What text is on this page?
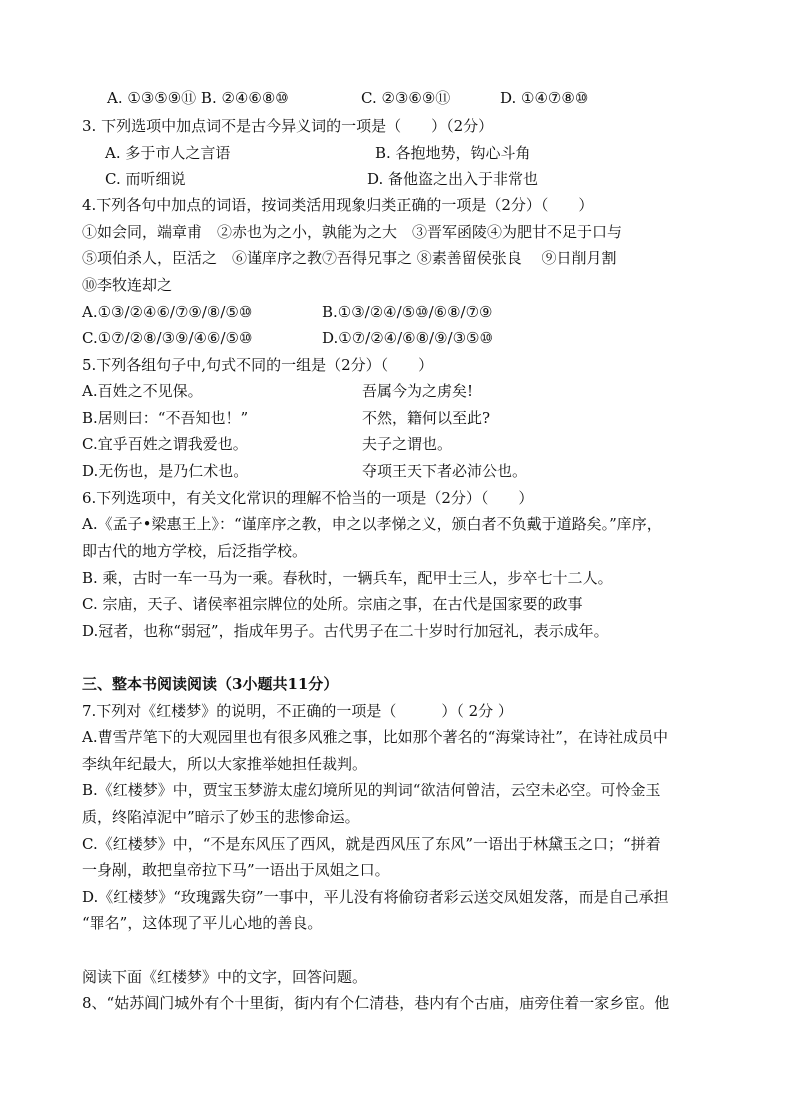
A. ①③⑤⑨⑪ B. ②④⑥⑧⑩	C. ②③⑥⑨⑪	D. ①④⑦⑧⑩
3. 下列选项中加点词不是古今异义词的一项是（　　）（2分）
A. 多于市人之言语	B. 各抱地势，钩心斗角
C. 而听细说	D. 备他盗之出入于非常也
4.下列各句中加点的词语，按词类活用现象归类正确的一项是（2分）（　　）
①如会同，端章甫　②赤也为之小，孰能为之大　③晋军函陵④为肥甘不足于口与
⑤项伯杀人，臣活之　⑥谨庠序之教⑦吾得兄事之 ⑧素善留侯张良　 ⑨日削月割
⑩李牧连却之
A.①③/②④⑥/⑦⑨/⑧/⑤⑩	B.①③/②④/⑤⑩/⑥⑧/⑦⑨
C.①⑦/②⑧/③⑨/④⑥/⑤⑩	D.①⑦/②④/⑥⑧/⑨/③⑤⑩
5.下列各组句子中,句式不同的一组是（2分）（　　）
A.百姓之不见保。	吾属今为之虏矣!
B.居则曰：“不吾知也！”	不然，籍何以至此?
C.宜乎百姓之谓我爱也。	夫子之谓也。
D.无伤也，是乃仁术也。	夺项王天下者必沛公也。
6.下列选项中，有关文化常识的理解不恰当的一项是（2分）（　　）
A.《孟子•梁惠王上》：“谨庠序之教，申之以孝悌之义，颁白者不负戴于道路矣。”庠序，
即古代的地方学校，后泛指学校。
B. 乘，古时一车一马为一乘。春秋时，一辆兵车，配甲士三人，步卒七十二人。
C. 宗庙，天子、诸侯率祖宗牌位的处所。宗庙之事，在古代是国家要的政事
D.冠者，也称“弱冠”，指成年男子。古代男子在二十岁时行加冠礼，表示成年。
三、整本书阅读阅读（3小题共11分）
7.下列对《红楼梦》的说明，不正确的一项是（　　　）（ 2分 ）
A.曹雪芹笔下的大观园里也有很多风雅之事，比如那个著名的“海棠诗社”，在诗社成员中
李纨年纪最大，所以大家推举她担任裁判。
B.《红楼梦》中，贾宝玉梦游太虚幻境所见的判词“欲洁何曾洁，云空未必空。可怜金玉
质，终陷淖泥中”暗示了妙玉的悲惨命运。
C.《红楼梦》中，“不是东风压了西风，就是西风压了东风”一语出于林黛玉之口；“拼着
一身剐，敢把皇帝拉下马”一语出于凤姐之口。
D.《红楼梦》“玫瑰露失窃”一事中，平儿没有将偷窃者彩云送交凤姐发落，而是自己承担
“罪名”，这体现了平儿心地的善良。
阅读下面《红楼梦》中的文字，回答问题。
8、“姑苏阊门城外有个十里街，街内有个仁清巷，巷内有个古庙，庙旁住着一家乡宦。他
